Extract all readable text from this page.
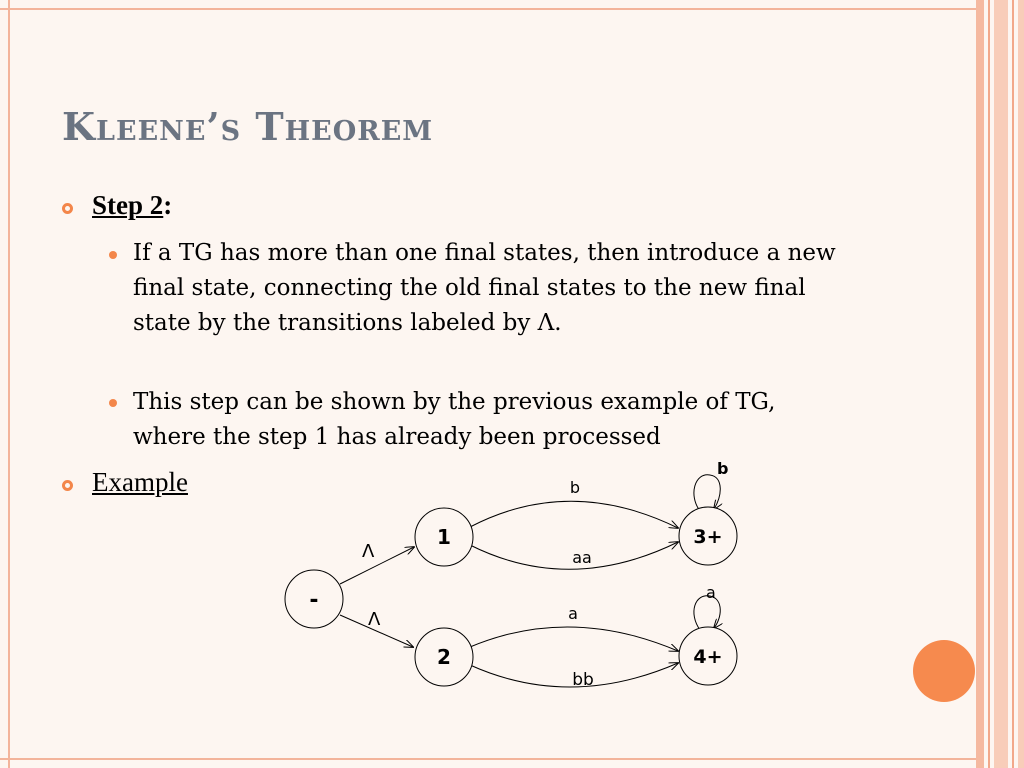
Kleene’s Theorem
Step 2:
If a TG has more than one final states, then introduce a new final state, connecting the old final states to the new final state by the transitions labeled by Λ.
This step can be shown by the previous example of TG, where the step 1 has already been processed
Example
-
1
2
3+
4+
Λ
Λ
b
aa
b
a
bb
a
